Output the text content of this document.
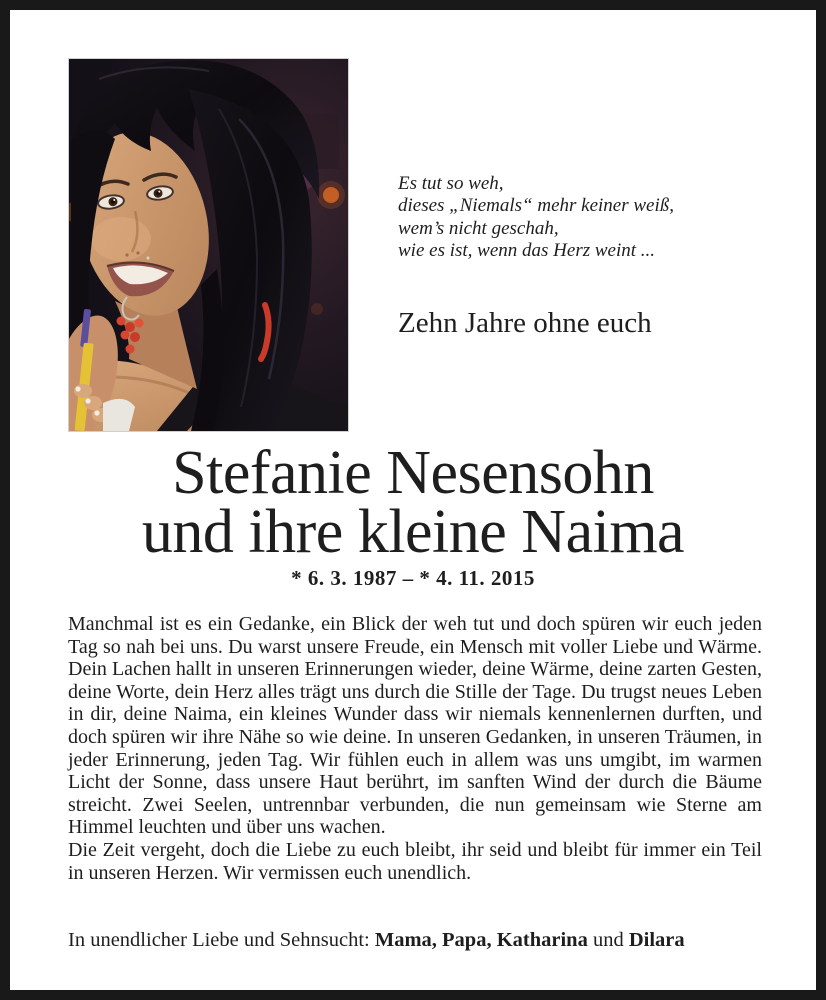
Es tut so weh,
dieses „Niemals“ mehr keiner weiß,
wem’s nicht geschah,
wie es ist, wenn das Herz weint ...
Zehn Jahre ohne euch
Stefanie Nesensohn
und ihre kleine Naima
* 6. 3. 1987 – * 4. 11. 2015

Manchmal ist es ein Gedanke, ein Blick der weh tut und doch spüren wir euch jeden Tag so nah bei uns. Du warst unsere Freude, ein Mensch mit voller Liebe und Wärme. Dein Lachen hallt in unseren Erinnerungen wieder, deine Wärme, deine zarten Gesten, deine Worte, dein Herz alles trägt uns durch die Stille der Tage. Du trugst neues Leben in dir, deine Naima, ein kleines Wunder dass wir niemals kennenlernen durften, und doch spüren wir ihre Nähe so wie deine. In unseren Gedanken, in unseren Träumen, in jeder Erinnerung, jeden Tag. Wir fühlen euch in allem was uns umgibt, im warmen Licht der Sonne, dass unsere Haut berührt, im sanften Wind der durch die Bäume streicht. Zwei Seelen, untrennbar verbunden, die nun gemeinsam wie Sterne am Himmel leuchten und über uns wachen.

Die Zeit vergeht, doch die Liebe zu euch bleibt, ihr seid und bleibt für immer ein Teil in unseren Herzen. Wir vermissen euch unendlich.

In unendlicher Liebe und Sehnsucht: Mama, Papa, Katharina und Dilara
